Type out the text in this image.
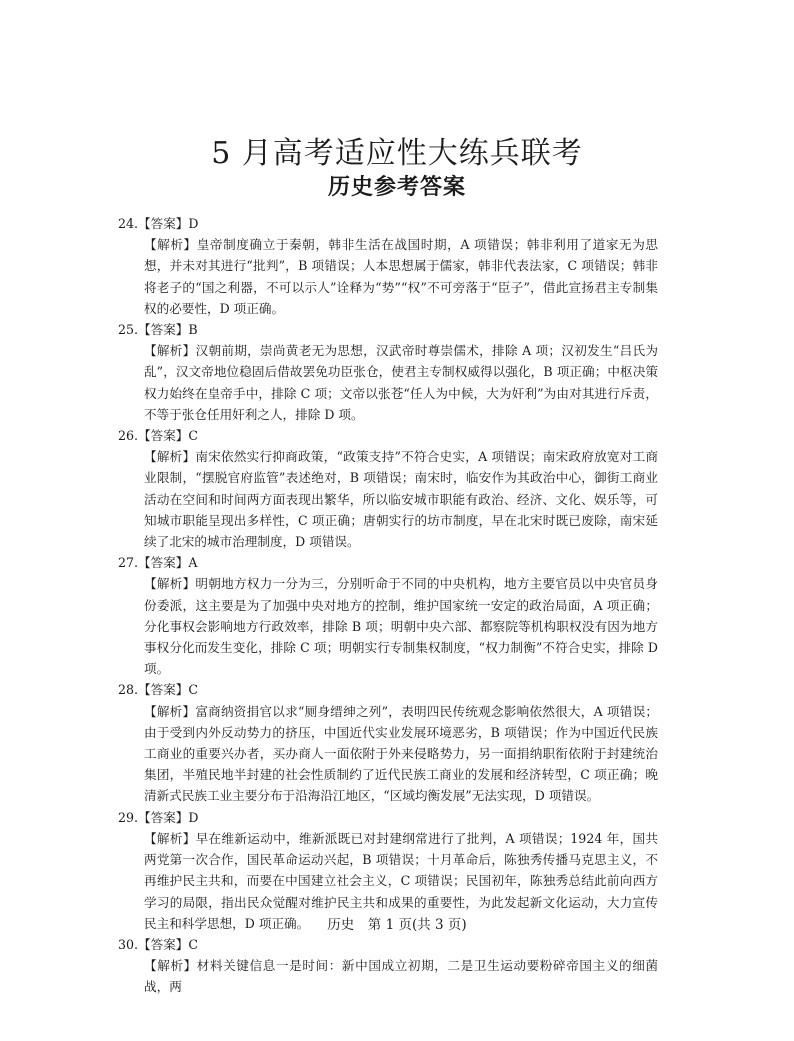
5 月高考适应性大练兵联考
历史参考答案

24.【答案】D

【解析】皇帝制度确立于秦朝，韩非生活在战国时期，A 项错误；韩非利用了道家无为思想，并未对其进行“批判”，B 项错误；人本思想属于儒家，韩非代表法家，C 项错误；韩非将老子的“国之利器，不可以示人”诠释为“势”“权”不可旁落于“臣子”，借此宣扬君主专制集权的必要性，D 项正确。

25.【答案】B

【解析】汉朝前期，崇尚黄老无为思想，汉武帝时尊崇儒术，排除 A 项；汉初发生“吕氏为乱”，汉文帝地位稳固后借故罢免功臣张仓，使君主专制权威得以强化，B 项正确；中枢决策权力始终在皇帝手中，排除 C 项；文帝以张苍“任人为中候，大为奸利”为由对其进行斥责，不等于张仓任用奸利之人，排除 D 项。

26.【答案】C

【解析】南宋依然实行抑商政策，“政策支持”不符合史实，A 项错误；南宋政府放宽对工商业限制，“摆脱官府监管”表述绝对，B 项错误；南宋时，临安作为其政治中心，御街工商业活动在空间和时间两方面表现出繁华，所以临安城市职能有政治、经济、文化、娱乐等，可知城市职能呈现出多样性，C 项正确；唐朝实行的坊市制度，早在北宋时既已废除，南宋延续了北宋的城市治理制度，D 项错误。

27.【答案】A

【解析】明朝地方权力一分为三，分别听命于不同的中央机构，地方主要官员以中央官员身份委派，这主要是为了加强中央对地方的控制，维护国家统一安定的政治局面，A 项正确；分化事权会影响地方行政效率，排除 B 项；明朝中央六部、都察院等机构职权没有因为地方事权分化而发生变化，排除 C 项；明朝实行专制集权制度，“权力制衡”不符合史实，排除 D 项。

28.【答案】C

【解析】富商纳资捐官以求“厕身缙绅之列”，表明四民传统观念影响依然很大，A 项错误；由于受到内外反动势力的挤压，中国近代实业发展环境恶劣，B 项错误；作为中国近代民族工商业的重要兴办者，买办商人一面依附于外来侵略势力，另一面捐纳职衔依附于封建统治集团，半殖民地半封建的社会性质制约了近代民族工商业的发展和经济转型，C 项正确；晚清新式民族工业主要分布于沿海沿江地区，“区域均衡发展”无法实现，D 项错误。

29.【答案】D

【解析】早在维新运动中，维新派既已对封建纲常进行了批判，A 项错误；1924 年，国共两党第一次合作，国民革命运动兴起，B 项错误；十月革命后，陈独秀传播马克思主义，不再维护民主共和，而要在中国建立社会主义，C 项错误；民国初年，陈独秀总结此前向西方学习的局限，指出民众觉醒对维护民主共和成果的重要性，为此发起新文化运动，大力宣传民主和科学思想，D 项正确。

30.【答案】C

【解析】材料关键信息一是时间：新中国成立初期，二是卫生运动要粉碎帝国主义的细菌战，两

历史　第 1 页(共 3 页)
